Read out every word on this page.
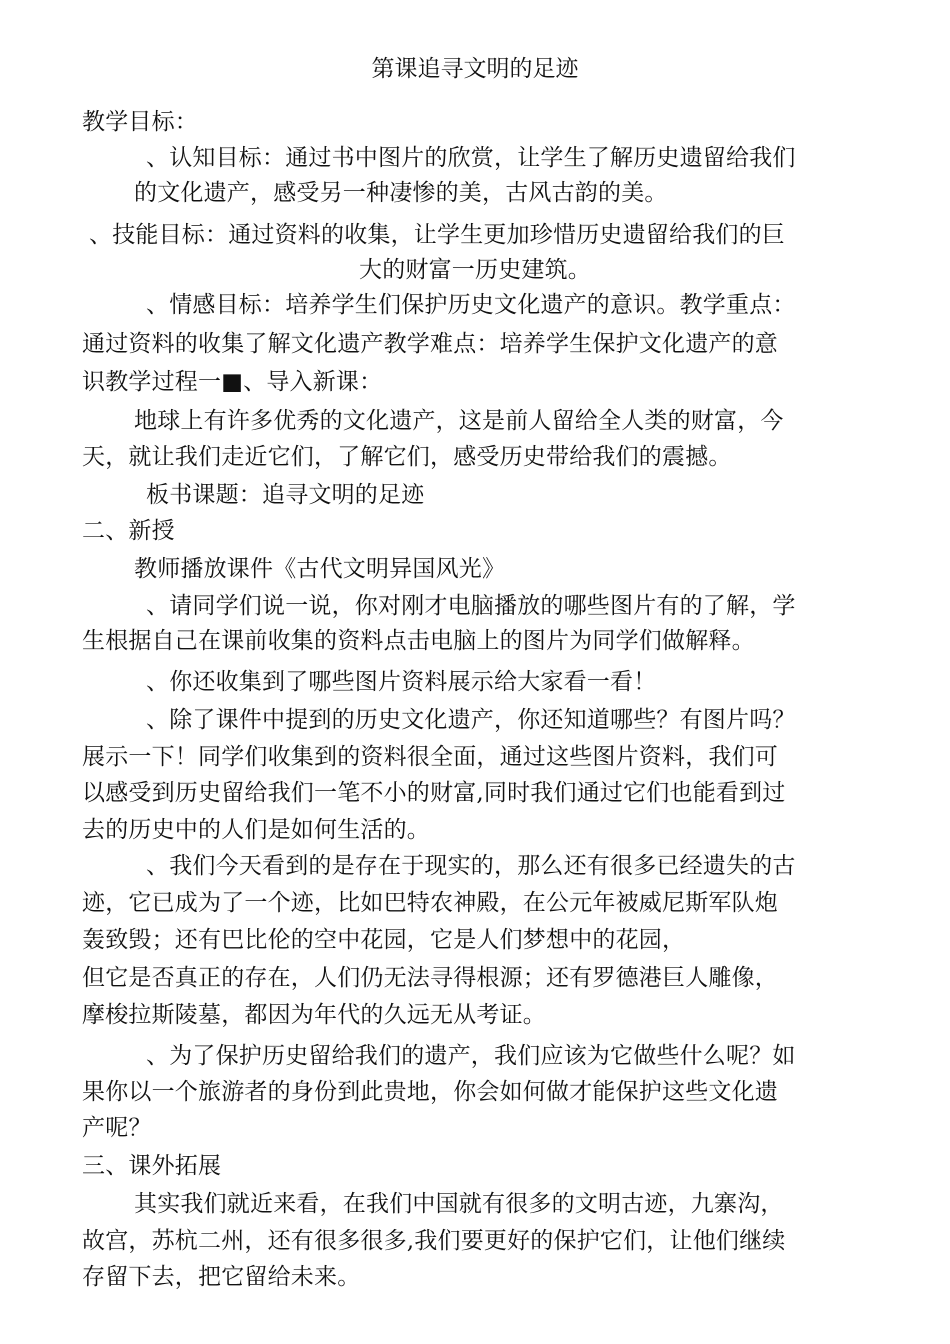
第课追寻文明的足迹
教学目标：
、认知目标：通过书中图片的欣赏，让学生了解历史遗留给我们
的文化遗产，感受另一种凄惨的美，古风古韵的美。
、技能目标：通过资料的收集，让学生更加珍惜历史遗留给我们的巨
大的财富一历史建筑。
、情感目标：培养学生们保护历史文化遗产的意识。教学重点：
通过资料的收集了解文化遗产教学难点：培养学生保护文化遗产的意
识教学过程一■、导入新课：
地球上有许多优秀的文化遗产，这是前人留给全人类的财富，今
天，就让我们走近它们，了解它们，感受历史带给我们的震撼。
板书课题：追寻文明的足迹
二、新授
教师播放课件《古代文明异国风光》
、请同学们说一说，你对刚才电脑播放的哪些图片有的了解，学
生根据自己在课前收集的资料点击电脑上的图片为同学们做解释。
、你还收集到了哪些图片资料展示给大家看一看！
、除了课件中提到的历史文化遗产，你还知道哪些？有图片吗？
展示一下！同学们收集到的资料很全面，通过这些图片资料，我们可
以感受到历史留给我们一笔不小的财富,同时我们通过它们也能看到过
去的历史中的人们是如何生活的。
、我们今天看到的是存在于现实的，那么还有很多已经遗失的古
迹，它已成为了一个迹，比如巴特农神殿，在公元年被威尼斯军队炮
轰致毁；还有巴比伦的空中花园，它是人们梦想中的花园，
但它是否真正的存在，人们仍无法寻得根源；还有罗德港巨人雕像，
摩梭拉斯陵墓，都因为年代的久远无从考证。
、为了保护历史留给我们的遗产，我们应该为它做些什么呢？如
果你以一个旅游者的身份到此贵地，你会如何做才能保护这些文化遗
产呢？
三、课外拓展
其实我们就近来看，在我们中国就有很多的文明古迹，九寨沟，
故宫，苏杭二州，还有很多很多,我们要更好的保护它们，让他们继续
存留下去，把它留给未来。
